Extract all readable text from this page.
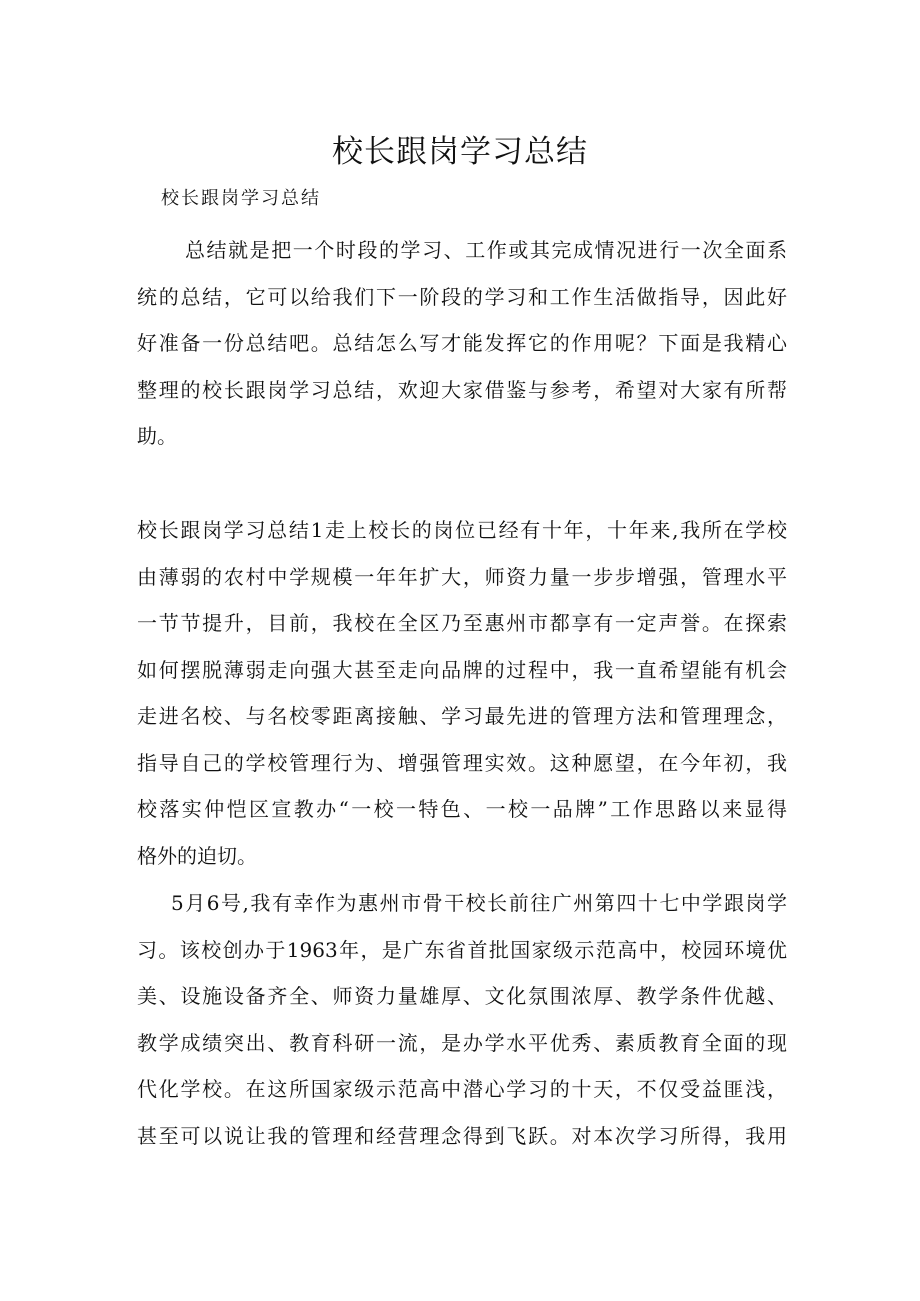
校长跟岗学习总结

校长跟岗学习总结

总结就是把一个时段的学习、工作或其完成情况进行一次全面系

统的总结，它可以给我们下一阶段的学习和工作生活做指导，因此好

好准备一份总结吧。总结怎么写才能发挥它的作用呢？下面是我精心

整理的校长跟岗学习总结，欢迎大家借鉴与参考，希望对大家有所帮

助。

校长跟岗学习总结1走上校长的岗位已经有十年，十年来,我所在学校

由薄弱的农村中学规模一年年扩大，师资力量一步步增强，管理水平

一节节提升，目前，我校在全区乃至惠州市都享有一定声誉。在探索

如何摆脱薄弱走向强大甚至走向品牌的过程中，我一直希望能有机会

走进名校、与名校零距离接触、学习最先进的管理方法和管理理念，

指导自己的学校管理行为、增强管理实效。这种愿望，在今年初，我

校落实仲恺区宣教办“一校一特色、一校一品牌”工作思路以来显得

格外的迫切。

5月6号,我有幸作为惠州市骨干校长前往广州第四十七中学跟岗学

习。该校创办于1963年，是广东省首批国家级示范高中，校园环境优

美、设施设备齐全、师资力量雄厚、文化氛围浓厚、教学条件优越、

教学成绩突出、教育科研一流，是办学水平优秀、素质教育全面的现

代化学校。在这所国家级示范高中潜心学习的十天，不仅受益匪浅，

甚至可以说让我的管理和经营理念得到飞跃。对本次学习所得，我用
